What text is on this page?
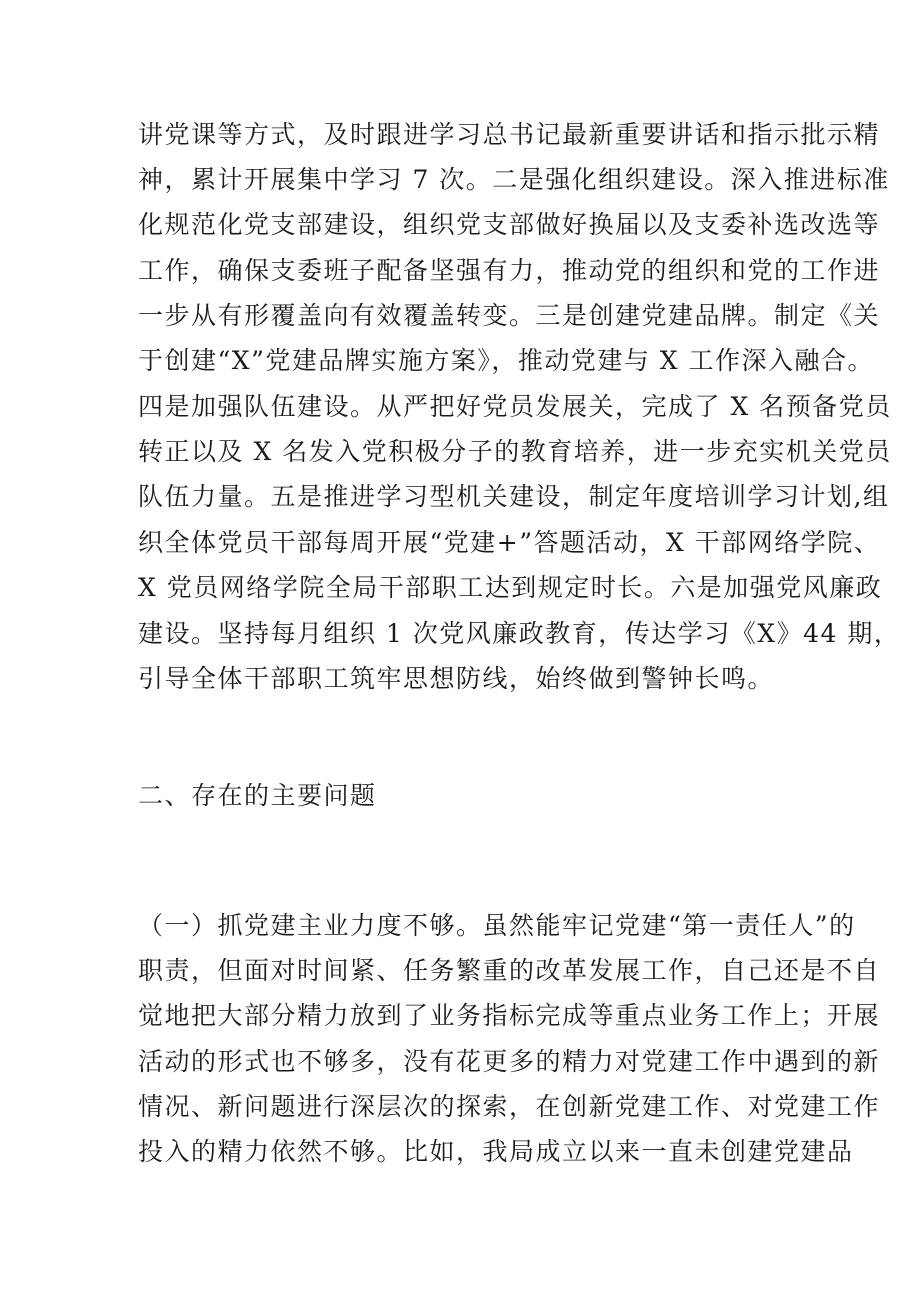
讲党课等方式，及时跟进学习总书记最新重要讲话和指示批示精
神，累计开展集中学习 7 次。二是强化组织建设。深入推进标准
化规范化党支部建设，组织党支部做好换届以及支委补选改选等
工作，确保支委班子配备坚强有力，推动党的组织和党的工作进
一步从有形覆盖向有效覆盖转变。三是创建党建品牌。制定《关
于创建“X”党建品牌实施方案》，推动党建与 X 工作深入融合。
四是加强队伍建设。从严把好党员发展关，完成了 X 名预备党员
转正以及 X 名发入党积极分子的教育培养，进一步充实机关党员
队伍力量。五是推进学习型机关建设，制定年度培训学习计划,组
织全体党员干部每周开展“党建+”答题活动，X 干部网络学院、
X 党员网络学院全局干部职工达到规定时长。六是加强党风廉政
建设。坚持每月组织 1 次党风廉政教育，传达学习《X》44 期，
引导全体干部职工筑牢思想防线，始终做到警钟长鸣。
二、存在的主要问题
（一）抓党建主业力度不够。虽然能牢记党建“第一责任人”的
职责，但面对时间紧、任务繁重的改革发展工作，自己还是不自
觉地把大部分精力放到了业务指标完成等重点业务工作上；开展
活动的形式也不够多，没有花更多的精力对党建工作中遇到的新
情况、新问题进行深层次的探索，在创新党建工作、对党建工作
投入的精力依然不够。比如，我局成立以来一直未创建党建品
